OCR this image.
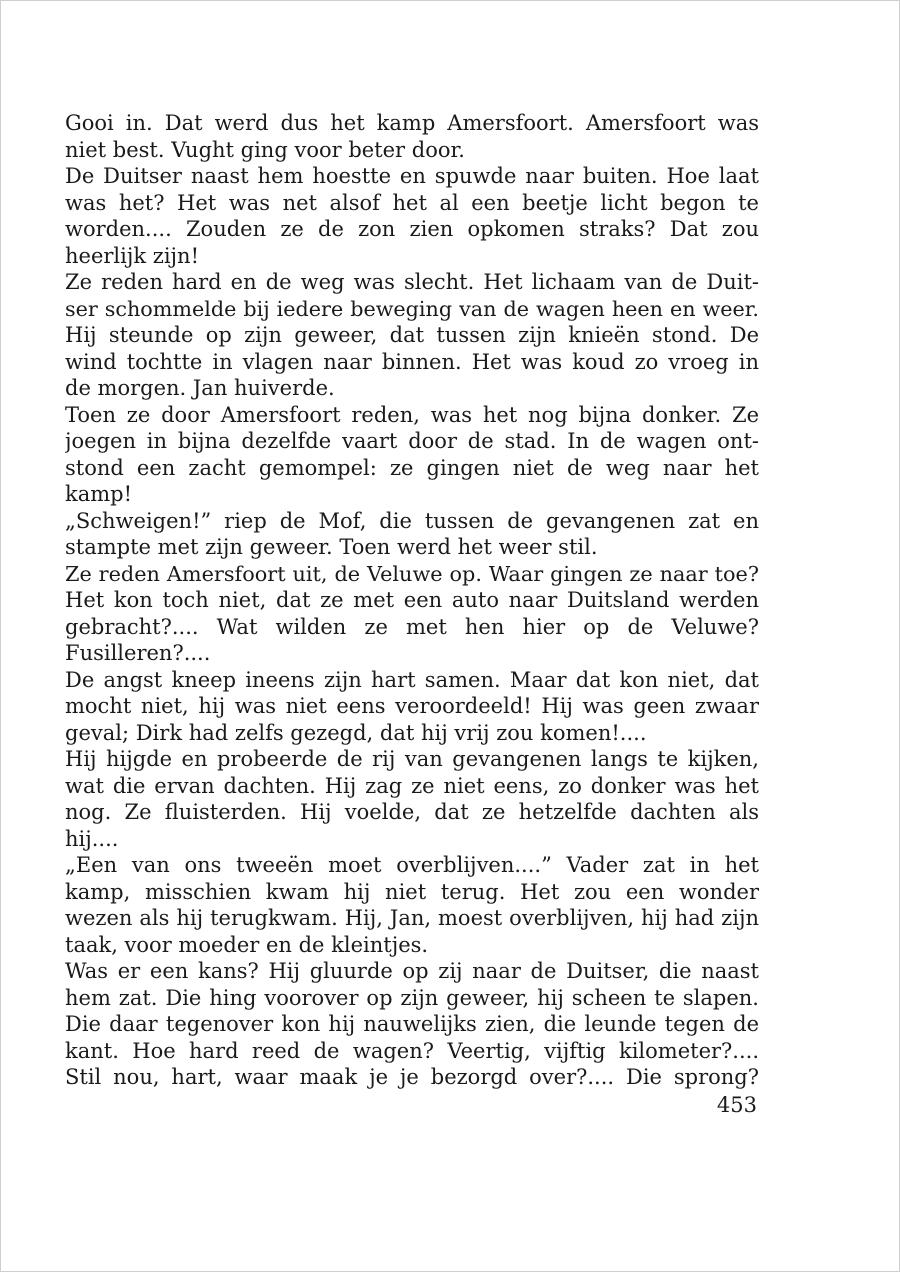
Gooi in. Dat werd dus het kamp Amersfoort. Amersfoort was
niet best. Vught ging voor beter door.
De Duitser naast hem hoestte en spuwde naar buiten. Hoe laat
was het? Het was net alsof het al een beetje licht begon te
worden.... Zouden ze de zon zien opkomen straks? Dat zou
heerlijk zijn!
Ze reden hard en de weg was slecht. Het lichaam van de Duit-
ser schommelde bij iedere beweging van de wagen heen en weer.
Hij steunde op zijn geweer, dat tussen zijn knieën stond. De
wind tochtte in vlagen naar binnen. Het was koud zo vroeg in
de morgen. Jan huiverde.
Toen ze door Amersfoort reden, was het nog bijna donker. Ze
joegen in bijna dezelfde vaart door de stad. In de wagen ont-
stond een zacht gemompel: ze gingen niet de weg naar het
kamp!
„Schweigen!” riep de Mof, die tussen de gevangenen zat en
stampte met zijn geweer. Toen werd het weer stil.
Ze reden Amersfoort uit, de Veluwe op. Waar gingen ze naar toe?
Het kon toch niet, dat ze met een auto naar Duitsland werden
gebracht?.... Wat wilden ze met hen hier op de Veluwe?
Fusilleren?....
De angst kneep ineens zijn hart samen. Maar dat kon niet, dat
mocht niet, hij was niet eens veroordeeld! Hij was geen zwaar
geval; Dirk had zelfs gezegd, dat hij vrij zou komen!....
Hij hijgde en probeerde de rij van gevangenen langs te kijken,
wat die ervan dachten. Hij zag ze niet eens, zo donker was het
nog. Ze fluisterden. Hij voelde, dat ze hetzelfde dachten als
hij....
„Een van ons tweeën moet overblijven....” Vader zat in het
kamp, misschien kwam hij niet terug. Het zou een wonder
wezen als hij terugkwam. Hij, Jan, moest overblijven, hij had zijn
taak, voor moeder en de kleintjes.
Was er een kans? Hij gluurde op zij naar de Duitser, die naast
hem zat. Die hing voorover op zijn geweer, hij scheen te slapen.
Die daar tegenover kon hij nauwelijks zien, die leunde tegen de
kant. Hoe hard reed de wagen? Veertig, vijftig kilometer?....
Stil nou, hart, waar maak je je bezorgd over?.... Die sprong?
453
